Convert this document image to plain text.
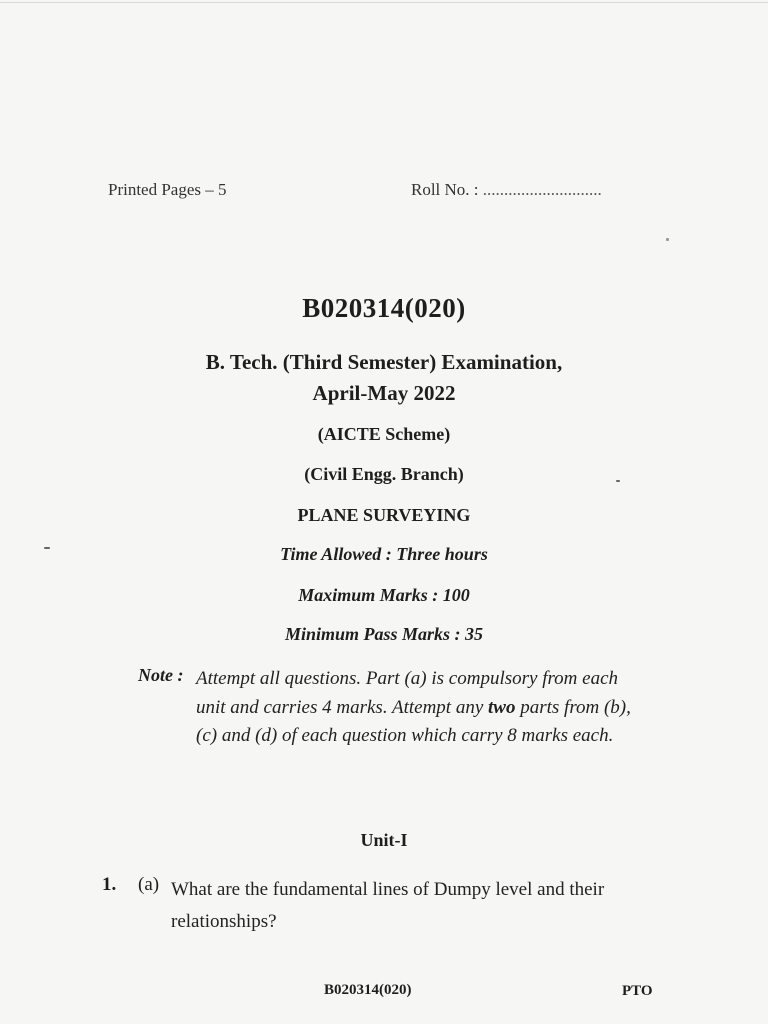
Printed Pages – 5	Roll No. : ............................
B020314(020)
B. Tech. (Third Semester) Examination,
April-May 2022
(AICTE Scheme)
(Civil Engg. Branch)
PLANE SURVEYING
Time Allowed : Three hours
Maximum Marks : 100
Minimum Pass Marks : 35
Note : Attempt all questions. Part (a) is compulsory from each unit and carries 4 marks. Attempt any two parts from (b), (c) and (d) of each question which carry 8 marks each.
Unit-I
1. (a) What are the fundamental lines of Dumpy level and their relationships?
B020314(020)	PTO
